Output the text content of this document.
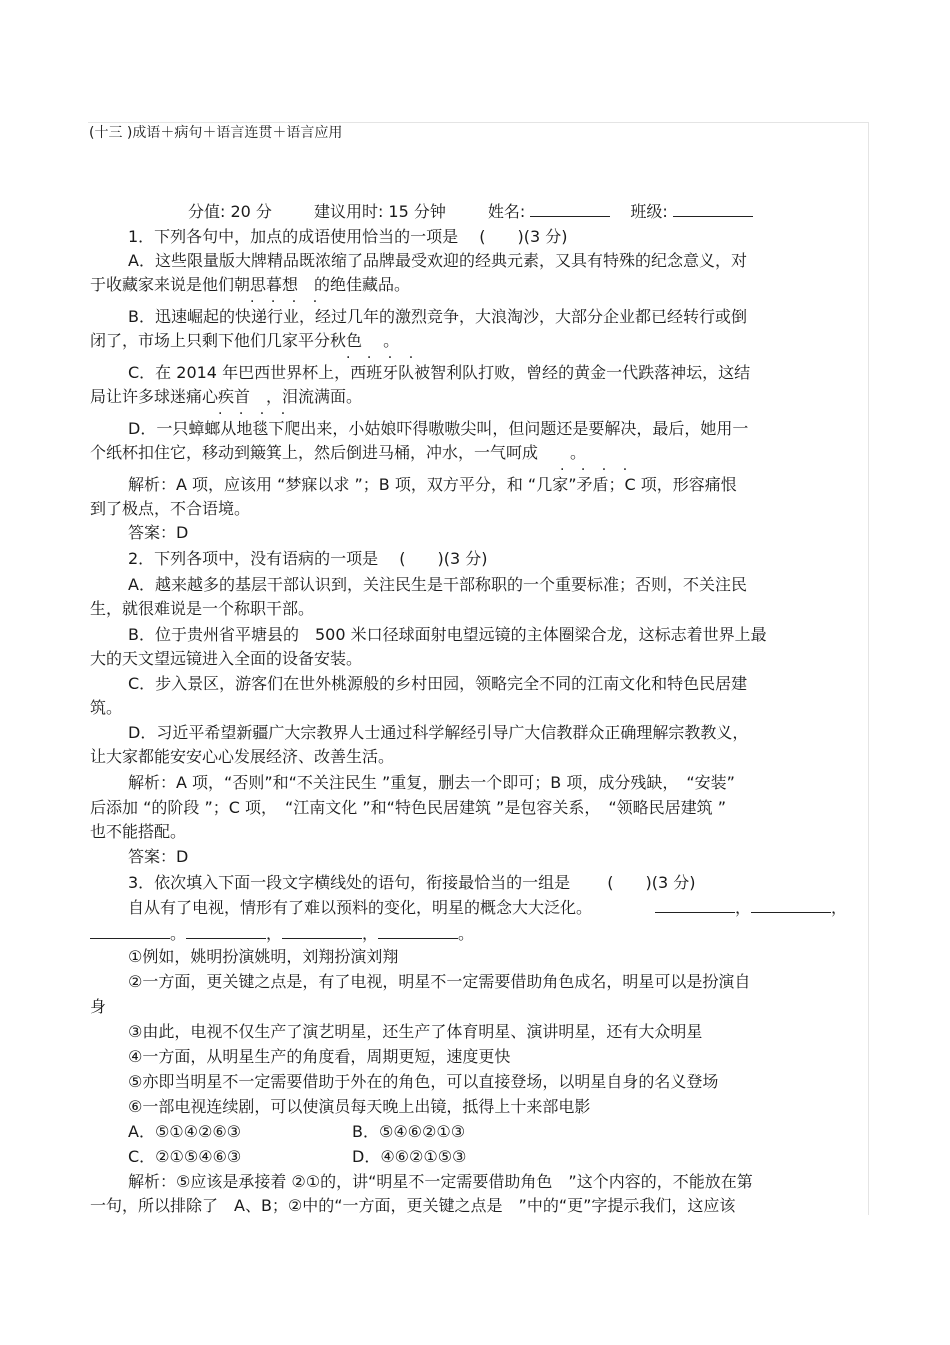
(十三 )成语＋病句＋语言连贯＋语言应用
分值: 20 分	建议用时: 15 分钟	姓名:	班级:
1．下列各句中，加点的成语使用恰当的一项是　 (　　)(3 分)
A．这些限量版大牌精品既浓缩了品牌最受欢迎的经典元素，又具有特殊的纪念意义，对
于收藏家来说是他们朝思暮想　的绝佳藏品。
. . . .
B．迅速崛起的快递行业，经过几年的激烈竞争，大浪淘沙，大部分企业都已经转行或倒
闭了，市场上只剩下他们几家平分秋色　 。
. . . .
C．在 2014 年巴西世界杯上，西班牙队被智利队打败，曾经的黄金一代跌落神坛，这结
局让许多球迷痛心疾首　，泪流满面。
. . . .
D．一只蟑螂从地毯下爬出来，小姑娘吓得嗷嗷尖叫，但问题还是要解决，最后，她用一
个纸杯扣住它，移动到簸箕上，然后倒进马桶，冲水，一气呵成　　。
. . . .
解析：A 项，应该用 “梦寐以求 ”；B 项，双方平分，和 “几家”矛盾；C 项，形容痛恨
到了极点，不合语境。
答案：D
2．下列各项中，没有语病的一项是　 (　　)(3 分)
A．越来越多的基层干部认识到，关注民生是干部称职的一个重要标准；否则，不关注民
生，就很难说是一个称职干部。
B．位于贵州省平塘县的　500 米口径球面射电望远镜的主体圈梁合龙，这标志着世界上最
大的天文望远镜进入全面的设备安装。
C．步入景区，游客们在世外桃源般的乡村田园，领略完全不同的江南文化和特色民居建
筑。
D．习近平希望新疆广大宗教界人士通过科学解经引导广大信教群众正确理解宗教教义，
让大家都能安安心心发展经济、改善生活。
解析：A 项，“否则”和“不关注民生 ”重复，删去一个即可；B 项，成分残缺，　“安装”
后添加 “的阶段 ”；C 项，　“江南文化 ”和“特色民居建筑 ”是包容关系，　“领略民居建筑 ”
也不能搭配。
答案：D
3．依次填入下面一段文字横线处的语句，衔接最恰当的一组是　　 (　　)(3 分)
自从有了电视，情形有了难以预料的变化，明星的概念大大泛化。	，	，
。	，	，	。
①例如，姚明扮演姚明，刘翔扮演刘翔
②一方面，更关键之点是，有了电视，明星不一定需要借助角色成名，明星可以是扮演自
身
③由此，电视不仅生产了演艺明星，还生产了体育明星、演讲明星，还有大众明星
④一方面，从明星生产的角度看，周期更短，速度更快
⑤亦即当明星不一定需要借助于外在的角色，可以直接登场，以明星自身的名义登场
⑥一部电视连续剧，可以使演员每天晚上出镜，抵得上十来部电影
A．⑤①④②⑥③	B．⑤④⑥②①③
C．②①⑤④⑥③	D．④⑥②①⑤③
解析：⑤应该是承接着 ②①的，讲“明星不一定需要借助角色　”这个内容的，不能放在第
一句，所以排除了　A、B；②中的“一方面，更关键之点是　”中的“更”字提示我们，这应该
